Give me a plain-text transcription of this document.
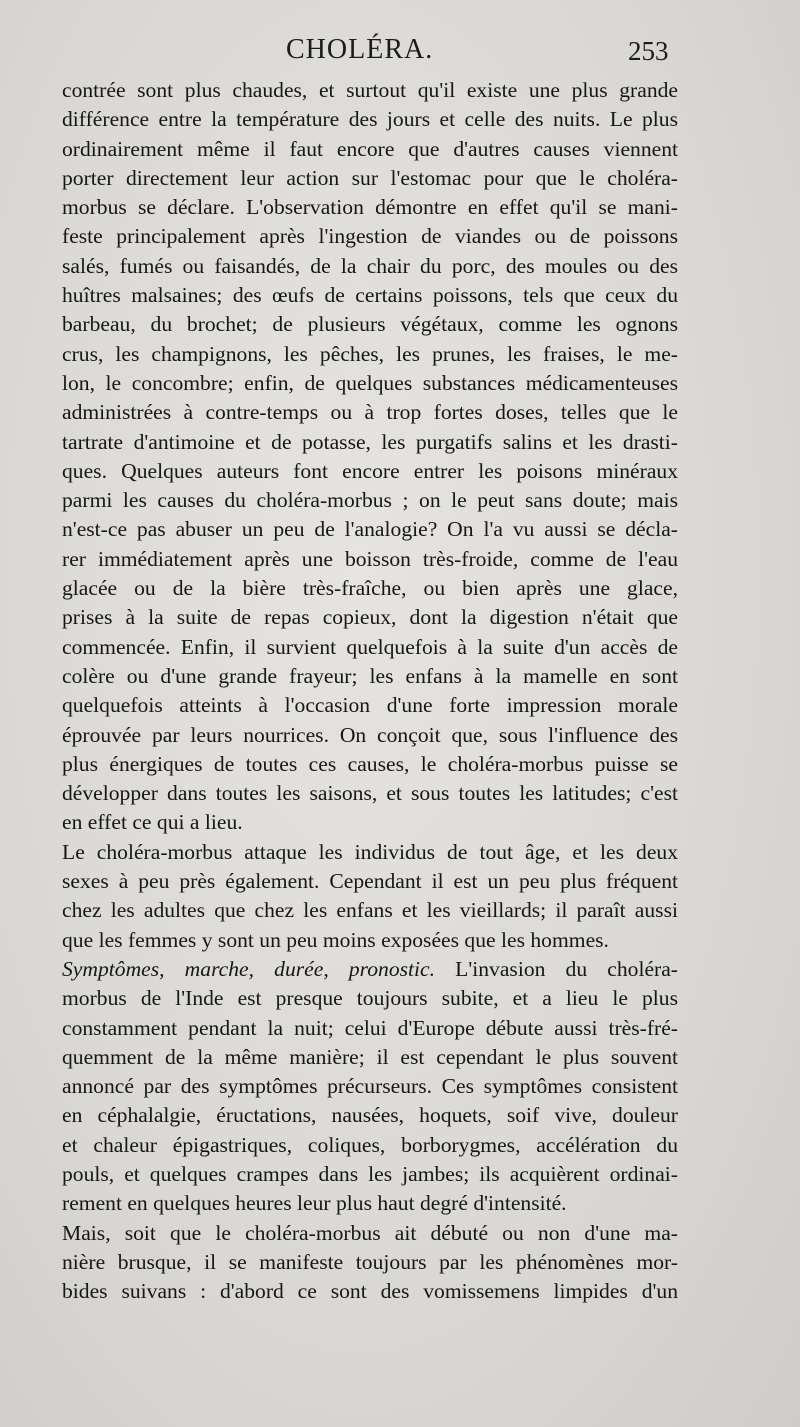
CHOLÉRA.	253
contrée sont plus chaudes, et surtout qu'il existe une plus grande
différence entre la température des jours et celle des nuits. Le plus
ordinairement même il faut encore que d'autres causes viennent
porter directement leur action sur l'estomac pour que le choléra-
morbus se déclare. L'observation démontre en effet qu'il se mani-
feste principalement après l'ingestion de viandes ou de poissons
salés, fumés ou faisandés, de la chair du porc, des moules ou des
huîtres malsaines; des œufs de certains poissons, tels que ceux du
barbeau, du brochet; de plusieurs végétaux, comme les ognons
crus, les champignons, les pêches, les prunes, les fraises, le me-
lon, le concombre; enfin, de quelques substances médicamenteuses
administrées à contre-temps ou à trop fortes doses, telles que le
tartrate d'antimoine et de potasse, les purgatifs salins et les drasti-
ques. Quelques auteurs font encore entrer les poisons minéraux
parmi les causes du choléra-morbus ; on le peut sans doute; mais
n'est-ce pas abuser un peu de l'analogie? On l'a vu aussi se décla-
rer immédiatement après une boisson très-froide, comme de l'eau
glacée ou de la bière très-fraîche, ou bien après une glace,
prises à la suite de repas copieux, dont la digestion n'était que
commencée. Enfin, il survient quelquefois à la suite d'un accès de
colère ou d'une grande frayeur; les enfans à la mamelle en sont
quelquefois atteints à l'occasion d'une forte impression morale
éprouvée par leurs nourrices. On conçoit que, sous l'influence des
plus énergiques de toutes ces causes, le choléra-morbus puisse se
développer dans toutes les saisons, et sous toutes les latitudes; c'est
en effet ce qui a lieu.
Le choléra-morbus attaque les individus de tout âge, et les deux
sexes à peu près également. Cependant il est un peu plus fréquent
chez les adultes que chez les enfans et les vieillards; il paraît aussi
que les femmes y sont un peu moins exposées que les hommes.
Symptômes, marche, durée, pronostic. L'invasion du choléra-
morbus de l'Inde est presque toujours subite, et a lieu le plus
constamment pendant la nuit; celui d'Europe débute aussi très-fré-
quemment de la même manière; il est cependant le plus souvent
annoncé par des symptômes précurseurs. Ces symptômes consistent
en céphalalgie, éructations, nausées, hoquets, soif vive, douleur
et chaleur épigastriques, coliques, borborygmes, accélération du
pouls, et quelques crampes dans les jambes; ils acquièrent ordinai-
rement en quelques heures leur plus haut degré d'intensité.
Mais, soit que le choléra-morbus ait débuté ou non d'une ma-
nière brusque, il se manifeste toujours par les phénomènes mor-
bides suivans : d'abord ce sont des vomissemens limpides d'un
